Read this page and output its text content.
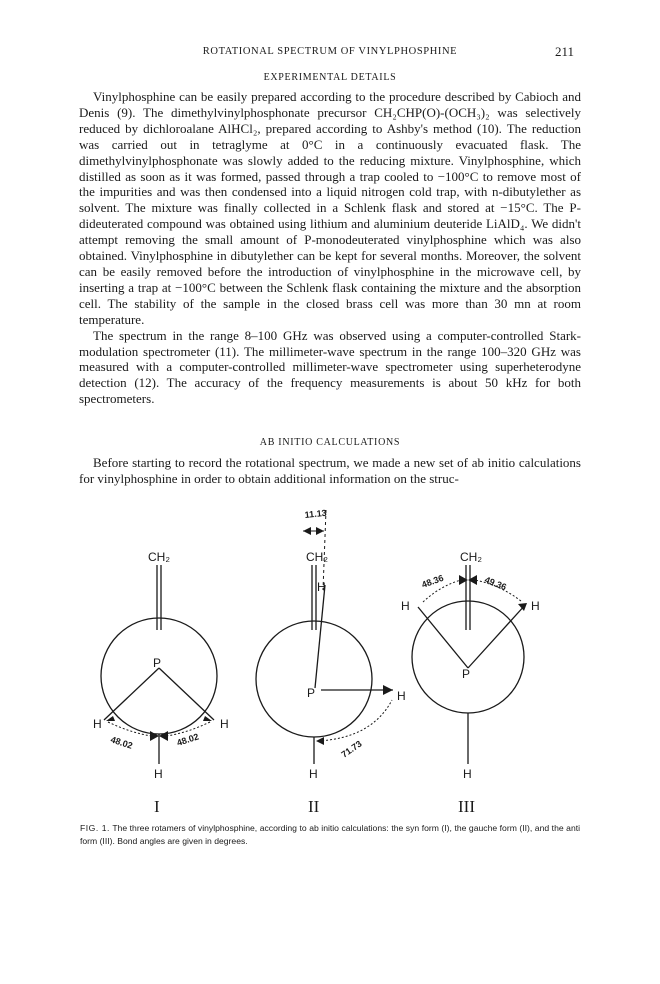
ROTATIONAL SPECTRUM OF VINYLPHOSPHINE	211
EXPERIMENTAL DETAILS

Vinylphosphine can be easily prepared according to the procedure described by Cabioch and Denis (9). The dimethylvinylphosphonate precursor CH₂CHP(O)-(OCH₃)₂ was selectively reduced by dichloroalane AlHCl₂, prepared according to Ashby's method (10). The reduction was carried out in tetraglyme at 0°C in a continuously evacuated flask. The dimethylvinylphosphonate was slowly added to the reducing mixture. Vinylphosphine, which distilled as soon as it was formed, passed through a trap cooled to −100°C to remove most of the impurities and was then condensed into a liquid nitrogen cold trap, with n-dibutylether as solvent. The mixture was finally collected in a Schlenk flask and stored at −15°C. The P-dideuterated compound was obtained using lithium and aluminium deuteride LiAlD₄. We didn't attempt removing the small amount of P-monodeuterated vinylphosphine which was also obtained. Vinylphosphine in dibutylether can be kept for several months. Moreover, the solvent can be easily removed before the introduction of vinylphosphine in the microwave cell, by inserting a trap at −100°C between the Schlenk flask containing the mixture and the absorption cell. The stability of the sample in the closed brass cell was more than 30 mn at room temperature.

The spectrum in the range 8–100 GHz was observed using a computer-controlled Stark-modulation spectrometer (11). The millimeter-wave spectrum in the range 100–320 GHz was measured with a computer-controlled millimeter-wave spectrometer using superheterodyne detection (12). The accuracy of the frequency measurements is about 50 kHz for both spectrometers.

AB INITIO CALCULATIONS

Before starting to record the rotational spectrum, we made a new set of ab initio calculations for vinylphosphine in order to obtain additional information on the struc-

CH₂
P
H	H
H
48.02	48.02
I
11.13
CH₂
H
P	H
H
71.73
II
CH₂
P
H	H
H
48.36	49.36
III
FIG. 1. The three rotamers of vinylphosphine, according to ab initio calculations: the syn form (I), the gauche form (II), and the anti form (III). Bond angles are given in degrees.
